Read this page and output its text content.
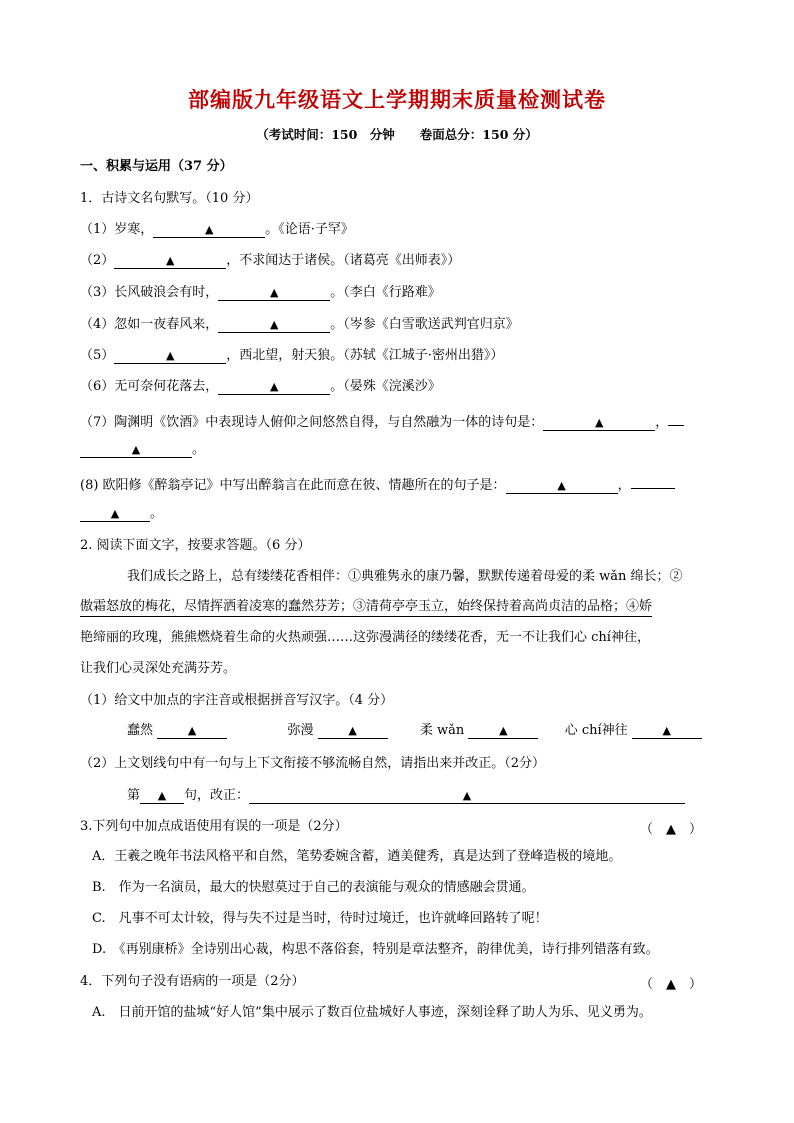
部编版九年级语文上学期期末质量检测试卷
（考试时间：150　分钟　　卷面总分：150 分）
一、积累与运用（37 分）
1．古诗文名句默写。（10 分）
（1）岁寒，	▲	。《论语·子罕》
（2）	▲	，不求闻达于诸侯。（诸葛亮《出师表》）
（3）长风破浪会有时，	▲	。（李白《行路难》
（4）忽如一夜春风来，	▲	。（岑参《白雪歌送武判官归京》
（5）	▲	，西北望，射天狼。（苏轼《江城子·密州出猎》）
（6）无可奈何花落去，	▲	。（晏殊《浣溪沙》
（7）陶渊明《饮酒》中表现诗人俯仰之间悠然自得，与自然融为一体的诗句是：	▲	，
▲	。
(8) 欧阳修《醉翁亭记》中写出醉翁言在此而意在彼、情趣所在的句子是：	▲	，
▲ 。
2. 阅读下面文字，按要求答题。（6 分）
我们成长之路上，总有缕缕花香相伴：①典雅隽永的康乃馨，默默传递着母爱的柔 wǎn 绵长；②
傲霜怒放的梅花，尽情挥洒着凌寒的蠢然芬芳；③清荷亭亭玉立，始终保持着高尚贞洁的品格；④娇
艳缔丽的玫瑰，熊熊燃烧着生命的火热顽强……这弥漫满径的缕缕花香，无一不让我们心 chí神往，
让我们心灵深处充满芬芳。
（1）给文中加点的字注音或根据拼音写汉字。（4 分）
蠢然	▲	弥漫	▲	柔 wǎn	▲	心 chí神往	▲
（2）上文划线句中有一句与上下文衔接不够流畅自然，请指出来并改正。（2分）
第 ▲ 句，改正：	▲
3.下列句中加点成语使用有误的一项是（2分）	（　▲　）
A．王羲之晚年书法风格平和自然，笔势委婉含蓄，遒美健秀，真是达到了登峰造极的境地。
B.　作为一名演员，最大的快慰莫过于自己的表演能与观众的情感融会贯通。
C.　凡事不可太计较，得与失不过是当时，待时过境迁，也许就峰回路转了呢！
D.　《再别康桥》全诗别出心裁，构思不落俗套，特别是章法整齐，韵律优美，诗行排列错落有致。
4．下列句子没有语病的一项是（2分）	（　▲　）
A.　日前开馆的盐城“好人馆”集中展示了数百位盐城好人事迹，深刻诠释了助人为乐、见义勇为。
